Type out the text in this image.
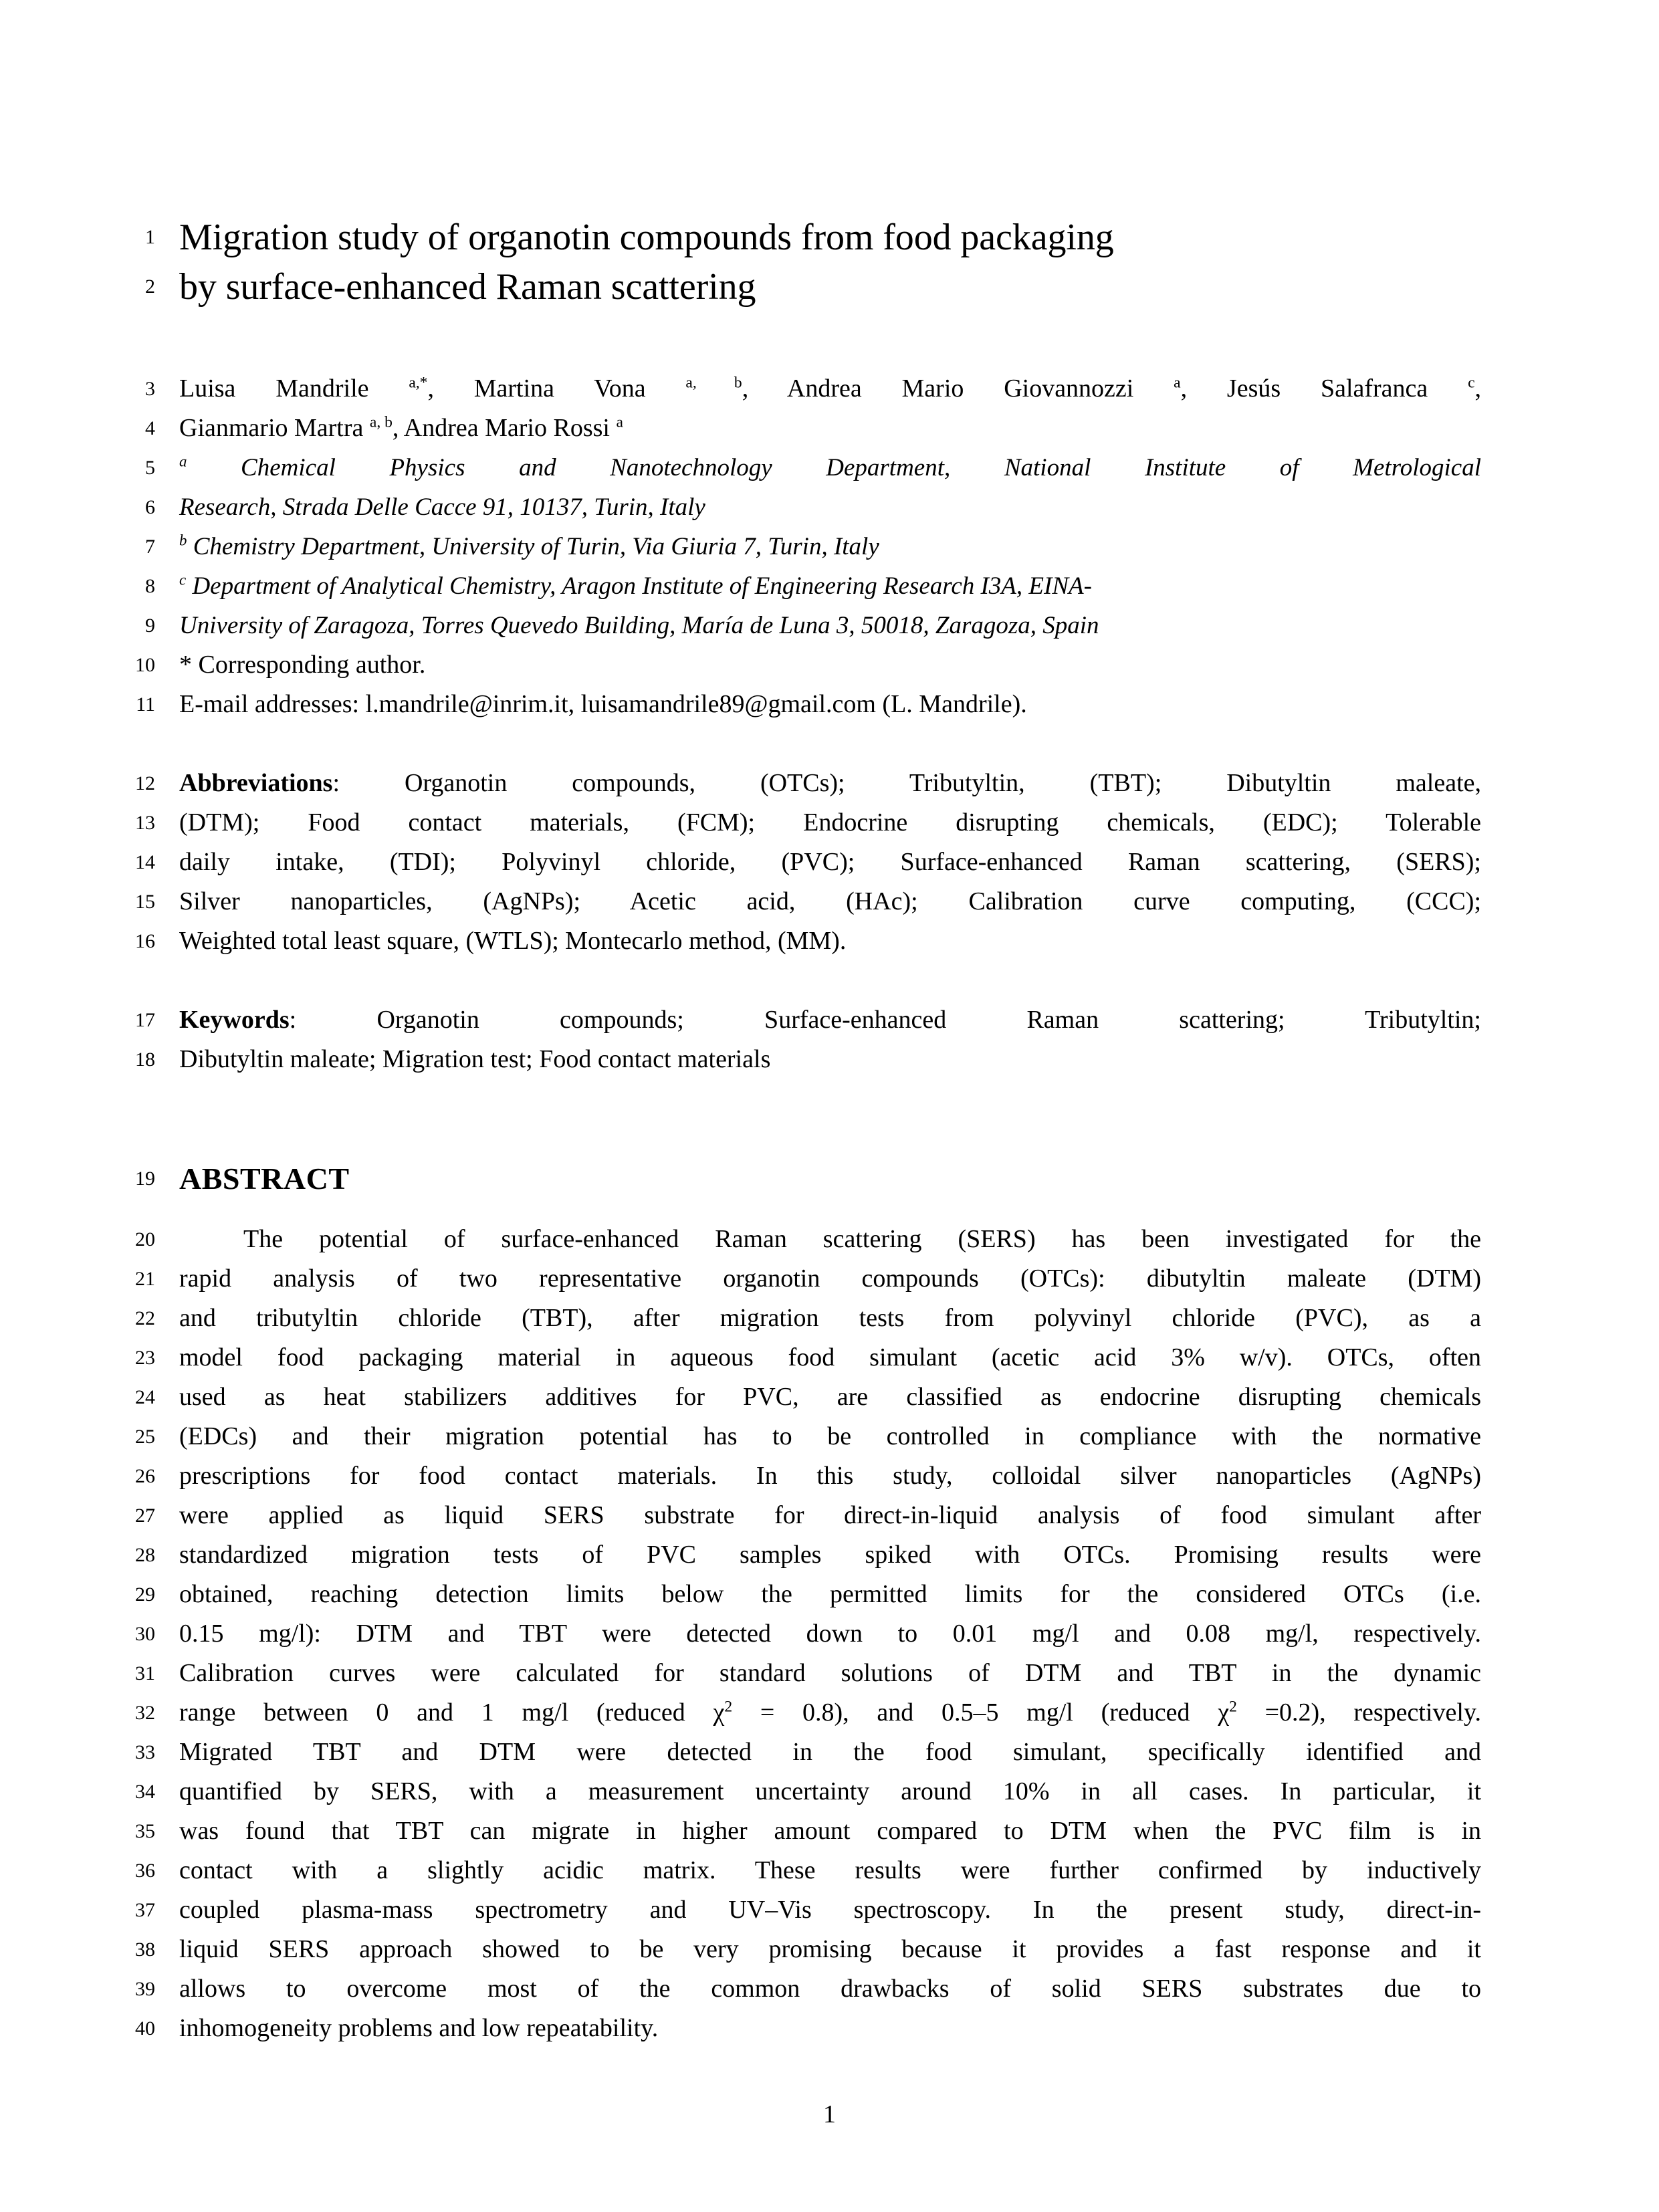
1 Migration study of organotin compounds from food packaging
2 by surface-enhanced Raman scattering
3 Luisa Mandrile $^{a,*}$, Martina Vona $^{a, b}$, Andrea Mario Giovannozzi $^a$, Jesús Salafranca $^c$,
4 Gianmario Martra $^{a, b}$, Andrea Mario Rossi $^a$
5	$^a$ Chemical Physics and Nanotechnology Department, National Institute of Metrological
6 Research, Strada Delle Cacce 91, 10137, Turin, Italy
7	$^b$ Chemistry Department, University of Turin, Via Giuria 7, Turin, Italy
8	$^c$ Department of Analytical Chemistry, Aragon Institute of Engineering Research I3A, EINA-
9 University of Zaragoza, Torres Quevedo Building, María de Luna 3, 50018, Zaragoza, Spain
10 * Corresponding author.
11 E-mail addresses: l.mandrile@inrim.it, luisamandrile89@gmail.com (L. Mandrile).
12 Abbreviations: Organotin compounds, (OTCs); Tributyltin, (TBT); Dibutyltin maleate,
13 (DTM); Food contact materials, (FCM); Endocrine disrupting chemicals, (EDC); Tolerable
14 daily intake, (TDI); Polyvinyl chloride, (PVC); Surface-enhanced Raman scattering, (SERS);
15 Silver nanoparticles, (AgNPs); Acetic acid, (HAc); Calibration curve computing, (CCC);
16 Weighted total least square, (WTLS); Montecarlo method, (MM).
17 Keywords: Organotin compounds; Surface-enhanced Raman scattering; Tributyltin;
18 Dibutyltin maleate; Migration test; Food contact materials
19 ABSTRACT
20	The potential of surface-enhanced Raman scattering (SERS) has been investigated for the
21 rapid analysis of two representative organotin compounds (OTCs): dibutyltin maleate (DTM)
22 and tributyltin chloride (TBT), after migration tests from polyvinyl chloride (PVC), as a
23 model food packaging material in aqueous food simulant (acetic acid 3% w/v). OTCs, often
24 used as heat stabilizers additives for PVC, are classified as endocrine disrupting chemicals
25 (EDCs) and their migration potential has to be controlled in compliance with the normative
26 prescriptions for food contact materials. In this study, colloidal silver nanoparticles (AgNPs)
27 were applied as liquid SERS substrate for direct-in-liquid analysis of food simulant after
28 standardized migration tests of PVC samples spiked with OTCs. Promising results were
29 obtained, reaching detection limits below the permitted limits for the considered OTCs (i.e.
30 0.15 mg/l): DTM and TBT were detected down to 0.01 mg/l and 0.08 mg/l, respectively.
31 Calibration curves were calculated for standard solutions of DTM and TBT in the dynamic
32 range between 0 and 1 mg/l (reduced $\chi^2 = 0.8$), and 0.5–5 mg/l (reduced $\chi^2 =0.2$), respectively.
33 Migrated TBT and DTM were detected in the food simulant, specifically identified and
34 quantified by SERS, with a measurement uncertainty around 10% in all cases. In particular, it
35 was found that TBT can migrate in higher amount compared to DTM when the PVC film is in
36 contact with a slightly acidic matrix. These results were further confirmed by inductively
37 coupled plasma-mass spectrometry and UV–Vis spectroscopy. In the present study, direct-in-
38 liquid SERS approach showed to be very promising because it provides a fast response and it
39 allows to overcome most of the common drawbacks of solid SERS substrates due to
40 inhomogeneity problems and low repeatability.
1
